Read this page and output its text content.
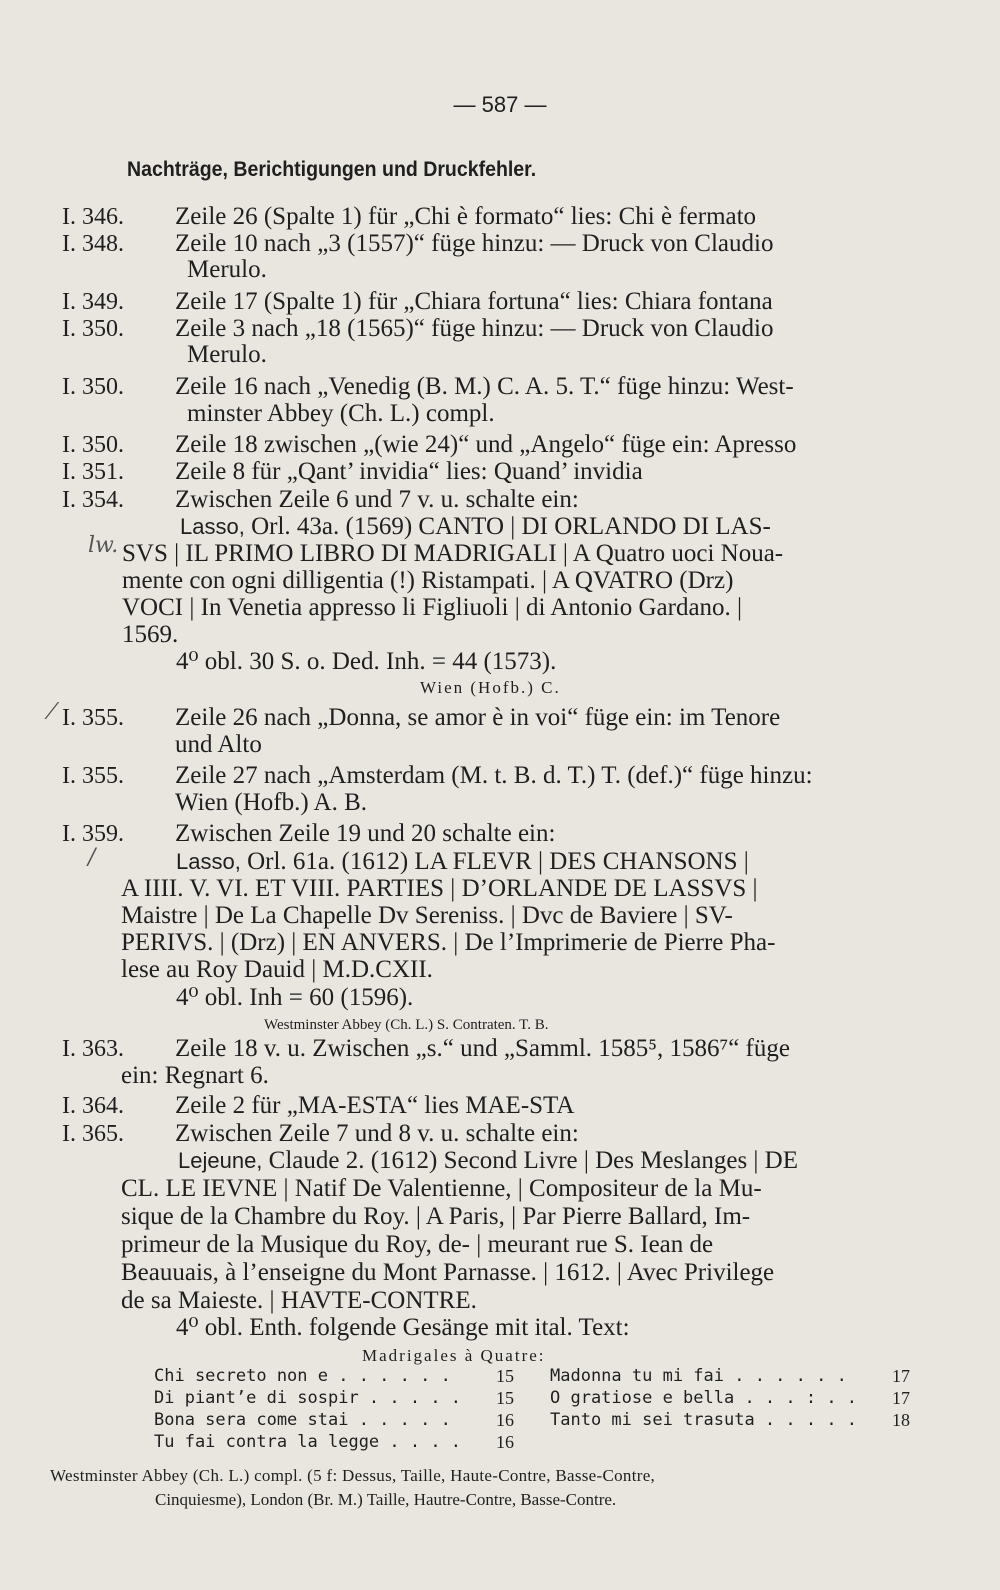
— 587 —
Nachträge, Berichtigungen und Druckfehler.
I. 346. Zeile 26 (Spalte 1) für „Chi è formato“ lies: Chi è fermato
I. 348. Zeile 10 nach „3 (1557)“ füge hinzu: — Druck von Claudio
Merulo.
I. 349. Zeile 17 (Spalte 1) für „Chiara fortuna“ lies: Chiara fontana
I. 350. Zeile 3 nach „18 (1565)“ füge hinzu: — Druck von Claudio
Merulo.
I. 350. Zeile 16 nach „Venedig (B. M.) C. A. 5. T.“ füge hinzu: West-
minster Abbey (Ch. L.) compl.
I. 350. Zeile 18 zwischen „(wie 24)“ und „Angelo“ füge ein: Apresso
I. 351. Zeile 8 für „Qant’ invidia“ lies: Quand’ invidia
I. 354. Zwischen Zeile 6 und 7 v. u. schalte ein:
lw.
Lasso, Orl. 43a. (1569) CANTO | DI ORLANDO DI LAS-
SVS | IL PRIMO LIBRO DI MADRIGALI | A Quatro uoci Noua-
mente con ogni dilligentia (!) Ristampati. | A QVATRO (Drz)
VOCI | In Venetia appresso li Figliuoli | di Antonio Gardano. |
1569.
4⁰ obl. 30 S. o. Ded. Inh. = 44 (1573).
Wien (Hofb.) C.
⁄ I. 355. Zeile 26 nach „Donna, se amor è in voi“ füge ein: im Tenore
und Alto
I. 355. Zeile 27 nach „Amsterdam (M. t. B. d. T.) T. (def.)“ füge hinzu:
Wien (Hofb.) A. B.
I. 359. Zwischen Zeile 19 und 20 schalte ein:
/	Lasso, Orl. 61a. (1612) LA FLEVR | DES CHANSONS |
A IIII. V. VI. ET VIII. PARTIES | D’ORLANDE DE LASSVS |
Maistre | De La Chapelle Dv Sereniss. | Dvc de Baviere | SV-
PERIVS. | (Drz) | EN ANVERS. | De l’Imprimerie de Pierre Pha-
lese au Roy Dauid | M.D.CXII.
4⁰ obl. Inh = 60 (1596).
Westminster Abbey (Ch. L.) S. Contraten. T. B.
I. 363. Zeile 18 v. u. Zwischen „s.“ und „Samml. 1585⁵, 1586⁷“ füge
ein: Regnart 6.
I. 364. Zeile 2 für „MA-ESTA“ lies MAE-STA
I. 365. Zwischen Zeile 7 und 8 v. u. schalte ein:
Lejeune, Claude 2. (1612) Second Livre | Des Meslanges | DE
CL. LE IEVNE | Natif De Valentienne, | Compositeur de la Mu-
sique de la Chambre du Roy. | A Paris, | Par Pierre Ballard, Im-
primeur de la Musique du Roy, de- | meurant rue S. Iean de
Beauuais, à l’enseigne du Mont Parnasse. | 1612. | Avec Privilege
de sa Maieste. | HAVTE-CONTRE.
4⁰ obl. Enth. folgende Gesänge mit ital. Text:
Madrigales à Quatre:
Chi secreto non e . . . . . .	15
Di piant’e di sospir . . . . . 15
Bona sera come stai . . . . .	16
Tu fai contra la legge . . . . 16
Madonna tu mi fai . . . . . .	17
O gratiose e bella . . . : . . 17
Tanto mi sei trasuta . . . . . 18
Westminster Abbey (Ch. L.) compl. (5 f: Dessus, Taille, Haute-Contre, Basse-Contre,
Cinquiesme), London (Br. M.) Taille, Hautre-Contre, Basse-Contre.
